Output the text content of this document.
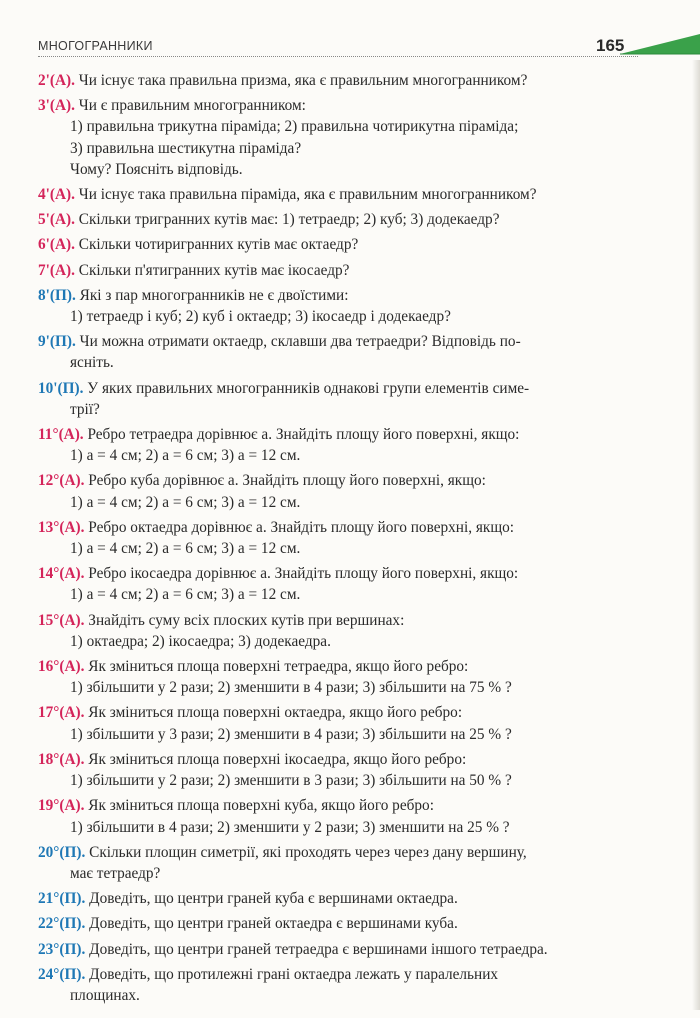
МНОГОГРАННИКИ	165
2'(А). Чи існує така правильна призма, яка є правильним многогранником?
3'(А). Чи є правильним многогранником:
1) правильна трикутна піраміда; 2) правильна чотирикутна піраміда;
3) правильна шестикутна піраміда?
Чому? Поясніть відповідь.
4'(А). Чи існує така правильна піраміда, яка є правильним многогранником?
5'(А). Скільки тригранних кутів має: 1) тетраедр; 2) куб; 3) додекаедр?
6'(А). Скільки чотиригранних кутів має октаедр?
7'(А). Скільки п'ятигранних кутів має ікосаедр?
8'(П). Які з пар многогранників не є двоїстими:
1) тетраедр і куб; 2) куб і октаедр; 3) ікосаедр і додекаедр?
9'(П). Чи можна отримати октаедр, склавши два тетраедри? Відповідь по-
ясніть.
10'(П). У яких правильних многогранників однакові групи елементів симе-
трії?
11°(А). Ребро тетраедра дорівнює a. Знайдіть площу його поверхні, якщо:
1) a = 4 см; 2) a = 6 см; 3) a = 12 см.
12°(А). Ребро куба дорівнює a. Знайдіть площу його поверхні, якщо:
1) a = 4 см; 2) a = 6 см; 3) a = 12 см.
13°(А). Ребро октаедра дорівнює a. Знайдіть площу його поверхні, якщо:
1) a = 4 см; 2) a = 6 см; 3) a = 12 см.
14°(А). Ребро ікосаедра дорівнює a. Знайдіть площу його поверхні, якщо:
1) a = 4 см; 2) a = 6 см; 3) a = 12 см.
15°(А). Знайдіть суму всіх плоских кутів при вершинах:
1) октаедра; 2) ікосаедра; 3) додекаедра.
16°(А). Як зміниться площа поверхні тетраедра, якщо його ребро:
1) збільшити у 2 рази; 2) зменшити в 4 рази; 3) збільшити на 75 % ?
17°(А). Як зміниться площа поверхні октаедра, якщо його ребро:
1) збільшити у 3 рази; 2) зменшити в 4 рази; 3) збільшити на 25 % ?
18°(А). Як зміниться площа поверхні ікосаедра, якщо його ребро:
1) збільшити у 2 рази; 2) зменшити в 3 рази; 3) збільшити на 50 % ?
19°(А). Як зміниться площа поверхні куба, якщо його ребро:
1) збільшити в 4 рази; 2) зменшити у 2 рази; 3) зменшити на 25 % ?
20°(П). Скільки площин симетрії, які проходять через через дану вершину,
має тетраедр?
21°(П). Доведіть, що центри граней куба є вершинами октаедра.
22°(П). Доведіть, що центри граней октаедра є вершинами куба.
23°(П). Доведіть, що центри граней тетраедра є вершинами іншого тетраедра.
24°(П). Доведіть, що протилежні грані октаедра лежать у паралельних
площинах.
